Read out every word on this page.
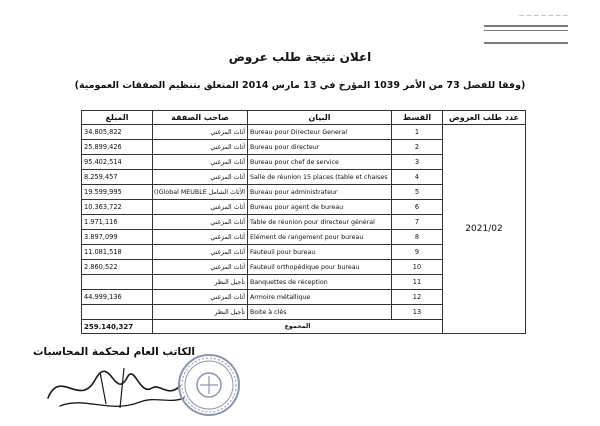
— — — — — — —
اعلان نتيجة طلب عروض
(وفقا للفصل 73 من الأمر 1039 المؤرخ في 13 مارس 2014 المتعلق بتنظيم الصفقات العمومية)
المبلغ	صاحب الصفقة	البيان	القسط	عدد طلب العروض
34.805,822	أثاث المزغني	Bureau pour Directeur General	1	2021/02
25.899,426	أثاث المزغني	Bureau pour directeur	2	
95.402,514	أثاث المزغني	Bureau pour chef de service	3	
8.259,457	أثاث المزغني	Salle de réunion 15 places (table et chaises	4	
19.599,995	الأثاث الشامل Global MEUBLE))	Bureau pour administrateur	5	
10.363,722	أثاث المزغني	Bureau pour agent de bureau	6	
1.971,116	أثاث المزغني	Table de réunion pour directeur général	7	
3.897,099	أثاث المزغني	Elément de rangement pour bureau	8	
11.081,518	أثاث المزغني	Fauteuil pour bureau	9	
2.860,522	أثاث المزغني	Fauteuil orthopédique pour bureau	10	
	تأجيل النظر	Banquettes de réception	11	
44.999,136	أثاث المزغني	Armoire métallique	12	
	تأجيل النظر	Boite à clés	13	
259.140,327	المجموع			
الكاتب العام لمحكمة المحاسبات
